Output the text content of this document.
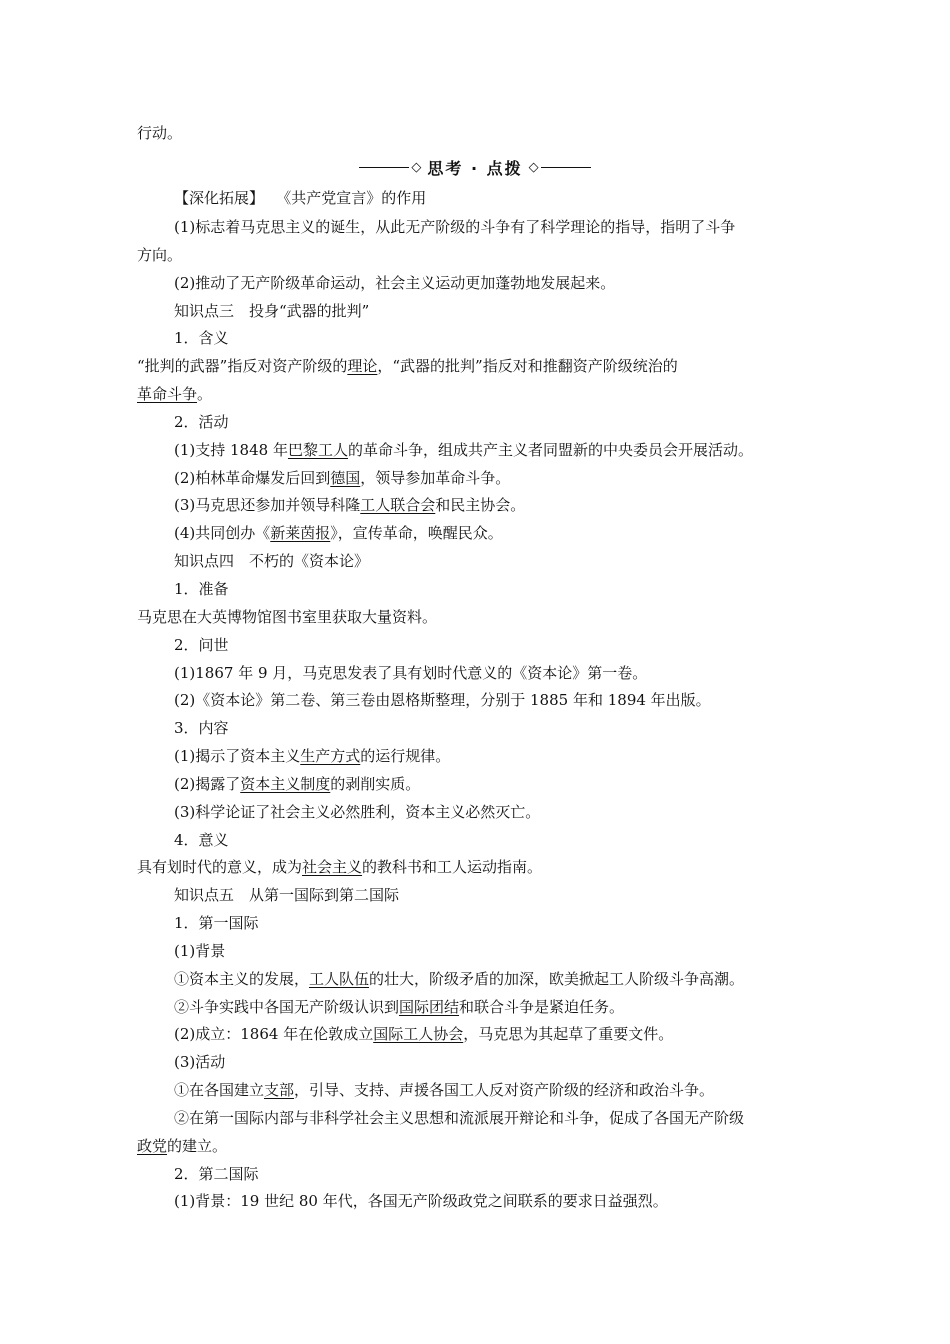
行动。
◇ 思考 · 点拨 ◇
【深化拓展】　 《共产党宣言》的作用
(1)标志着马克思主义的诞生，从此无产阶级的斗争有了科学理论的指导，指明了斗争
方向。
(2)推动了无产阶级革命运动，社会主义运动更加蓬勃地发展起来。
知识点三　投身“武器的批判”
1．含义
“批判的武器”指反对资产阶级的理论，“武器的批判”指反对和推翻资产阶级统治的
革命斗争。
2．活动
(1)支持 1848 年巴黎工人的革命斗争，组成共产主义者同盟新的中央委员会开展活动。
(2)柏林革命爆发后回到德国，领导参加革命斗争。
(3)马克思还参加并领导科隆工人联合会和民主协会。
(4)共同创办《新莱茵报》，宣传革命，唤醒民众。
知识点四　不朽的《资本论》
1．准备
马克思在大英博物馆图书室里获取大量资料。
2．问世
(1)1867 年 9 月，马克思发表了具有划时代意义的《资本论》第一卷。
(2)《资本论》第二卷、第三卷由恩格斯整理，分别于 1885 年和 1894 年出版。
3．内容
(1)揭示了资本主义生产方式的运行规律。
(2)揭露了资本主义制度的剥削实质。
(3)科学论证了社会主义必然胜利，资本主义必然灭亡。
4．意义
具有划时代的意义，成为社会主义的教科书和工人运动指南。
知识点五　从第一国际到第二国际
1．第一国际
(1)背景
①资本主义的发展，工人队伍的壮大，阶级矛盾的加深，欧美掀起工人阶级斗争高潮。
②斗争实践中各国无产阶级认识到国际团结和联合斗争是紧迫任务。
(2)成立：1864 年在伦敦成立国际工人协会，马克思为其起草了重要文件。
(3)活动
①在各国建立支部，引导、支持、声援各国工人反对资产阶级的经济和政治斗争。
②在第一国际内部与非科学社会主义思想和流派展开辩论和斗争，促成了各国无产阶级
政党的建立。
2．第二国际
(1)背景：19 世纪 80 年代，各国无产阶级政党之间联系的要求日益强烈。
